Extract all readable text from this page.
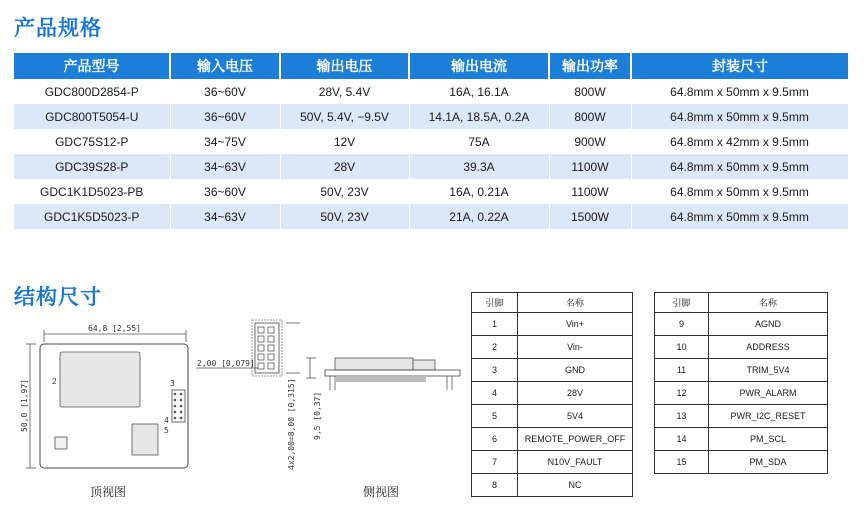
产品规格
产品型号	输入电压	输出电压	输出电流	输出功率	封装尺寸
GDC800D2854-P	36~60V	28V, 5.4V	16A, 16.1A	800W	64.8mm x 50mm x 9.5mm
GDC800T5054-U	36~60V	50V, 5.4V, −9.5V	14.1A, 18.5A, 0.2A	800W	64.8mm x 50mm x 9.5mm
GDC75S12-P	34~75V	12V	75A	900W	64.8mm x 42mm x 9.5mm
GDC39S28-P	34~63V	28V	39.3A	1100W	64.8mm x 50mm x 9.5mm
GDC1K1D5023-PB	36~60V	50V, 23V	16A, 0.21A	1100W	64.8mm x 50mm x 9.5mm
GDC1K5D5023-P	34~63V	50V, 23V	21A, 0.22A	1500W	64.8mm x 50mm x 9.5mm
结构尺寸
64,8 [2,55]
50,0 [1,97]	2	3
4
5
2,00 [0,079]
4x2,00=8,00 [0,315] 9,5 [0,37]
顶视图	侧视图
引脚	名称
1	Vin+
2	Vin-
3	GND
4	28V
5	5V4
6	REMOTE_POWER_OFF
7	N10V_FAULT
8	NC
引脚	名称
9	AGND
10	ADDRESS
11	TRIM_5V4
12	PWR_ALARM
13	PWR_I2C_RESET
14	PM_SCL
15	PM_SDA
